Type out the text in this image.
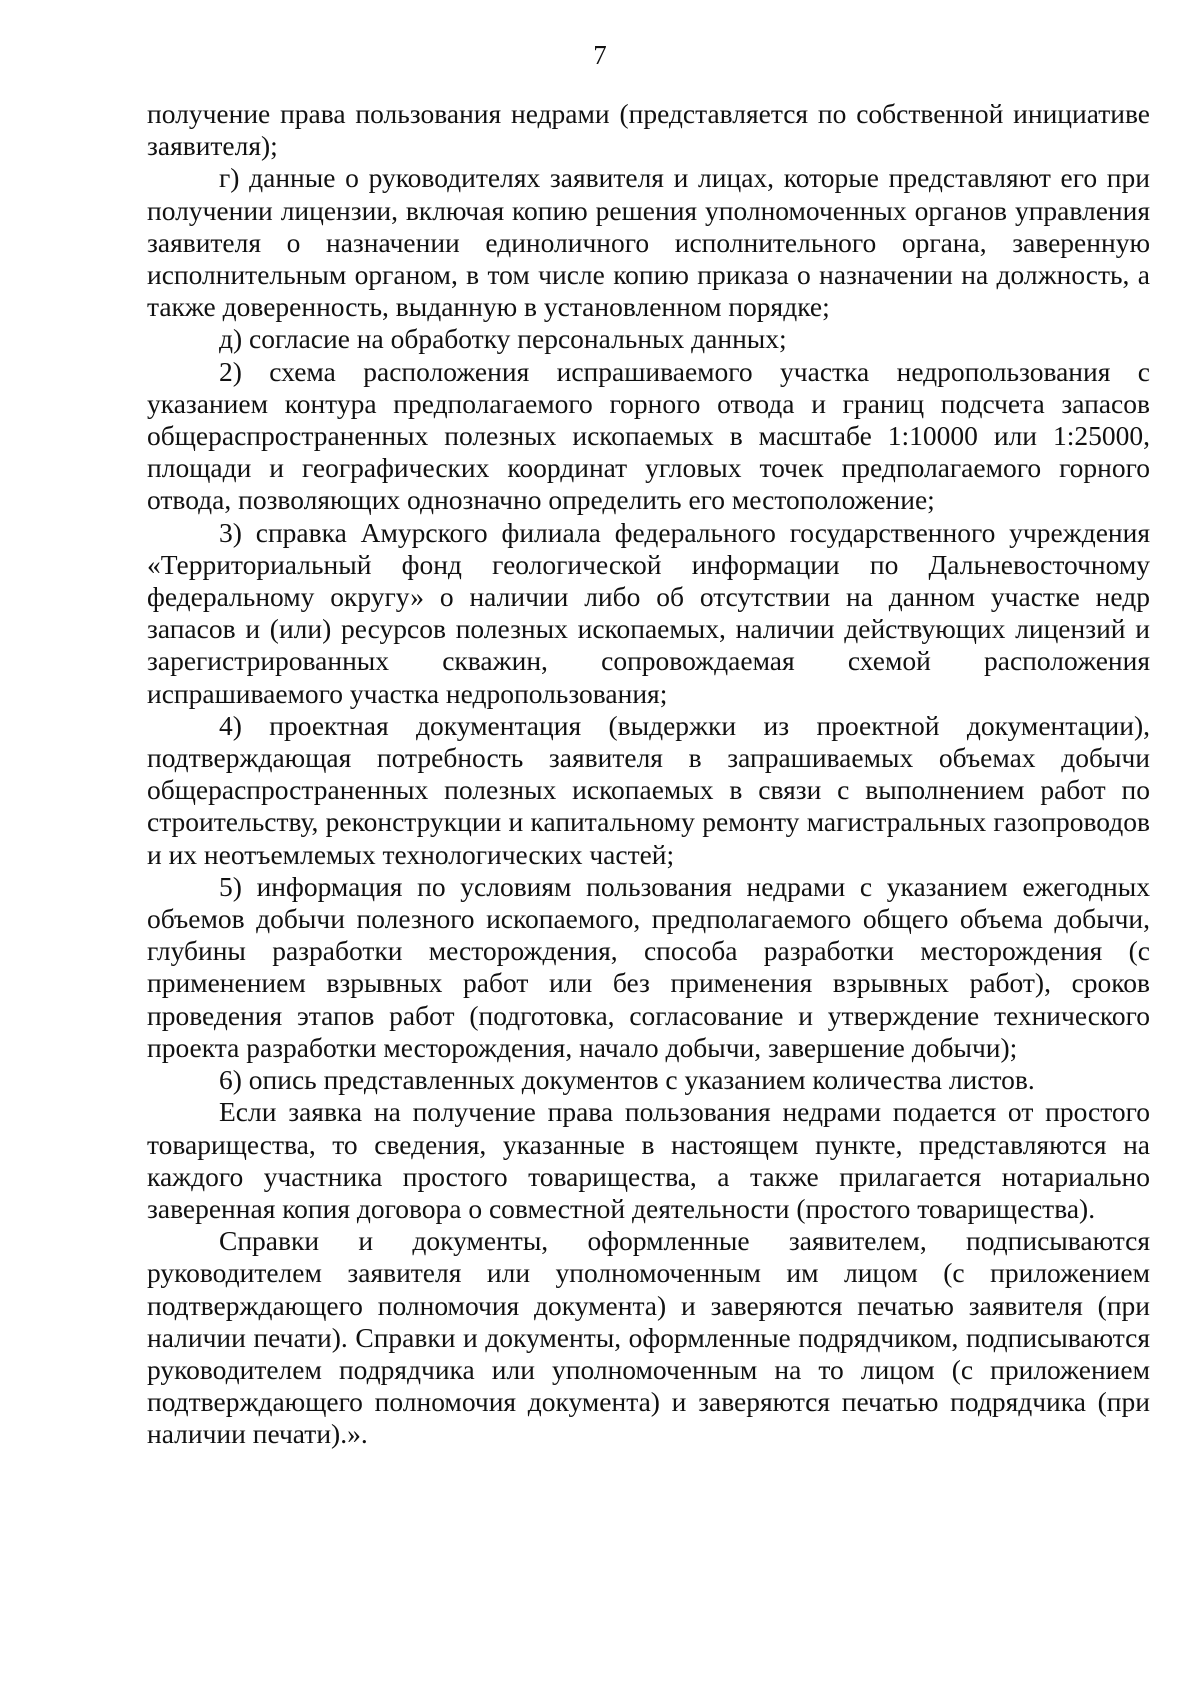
7

получение права пользования недрами (представляется по собственной инициативе заявителя);

г) данные о руководителях заявителя и лицах, которые представляют его при получении лицензии, включая копию решения уполномоченных органов управления заявителя о назначении единоличного исполнительного органа, заверенную исполнительным органом, в том числе копию приказа о назначении на должность, а также доверенность, выданную в установленном порядке;

д) согласие на обработку персональных данных;

2) схема расположения испрашиваемого участка недропользования с указанием контура предполагаемого горного отвода и границ подсчета запасов общераспространенных полезных ископаемых в масштабе 1:10000 или 1:25000, площади и географических координат угловых точек предполагаемого горного отвода, позволяющих однозначно определить его местоположение;

3) справка Амурского филиала федерального государственного учреждения «Территориальный фонд геологической информации по Дальневосточному федеральному округу» о наличии либо об отсутствии на данном участке недр запасов и (или) ресурсов полезных ископаемых, наличии действующих лицензий и зарегистрированных скважин, сопровождаемая схемой расположения испрашиваемого участка недропользования;

4) проектная документация (выдержки из проектной документации), подтверждающая потребность заявителя в запрашиваемых объемах добычи общераспространенных полезных ископаемых в связи с выполнением работ по строительству, реконструкции и капитальному ремонту магистральных газопроводов и их неотъемлемых технологических частей;

5) информация по условиям пользования недрами с указанием ежегодных объемов добычи полезного ископаемого, предполагаемого общего объема добычи, глубины разработки месторождения, способа разработки месторождения (с применением взрывных работ или без применения взрывных работ), сроков проведения этапов работ (подготовка, согласование и утверждение технического проекта разработки месторождения, начало добычи, завершение добычи);

6) опись представленных документов с указанием количества листов.

Если заявка на получение права пользования недрами подается от простого товарищества, то сведения, указанные в настоящем пункте, представляются на каждого участника простого товарищества, а также прилагается нотариально заверенная копия договора о совместной деятельности (простого товарищества).

Справки и документы, оформленные заявителем, подписываются руководителем заявителя или уполномоченным им лицом (с приложением подтверждающего полномочия документа) и заверяются печатью заявителя (при наличии печати). Справки и документы, оформленные подрядчиком, подписываются руководителем подрядчика или уполномоченным на то лицом (с приложением подтверждающего полномочия документа) и заверяются печатью подрядчика (при наличии печати).».
